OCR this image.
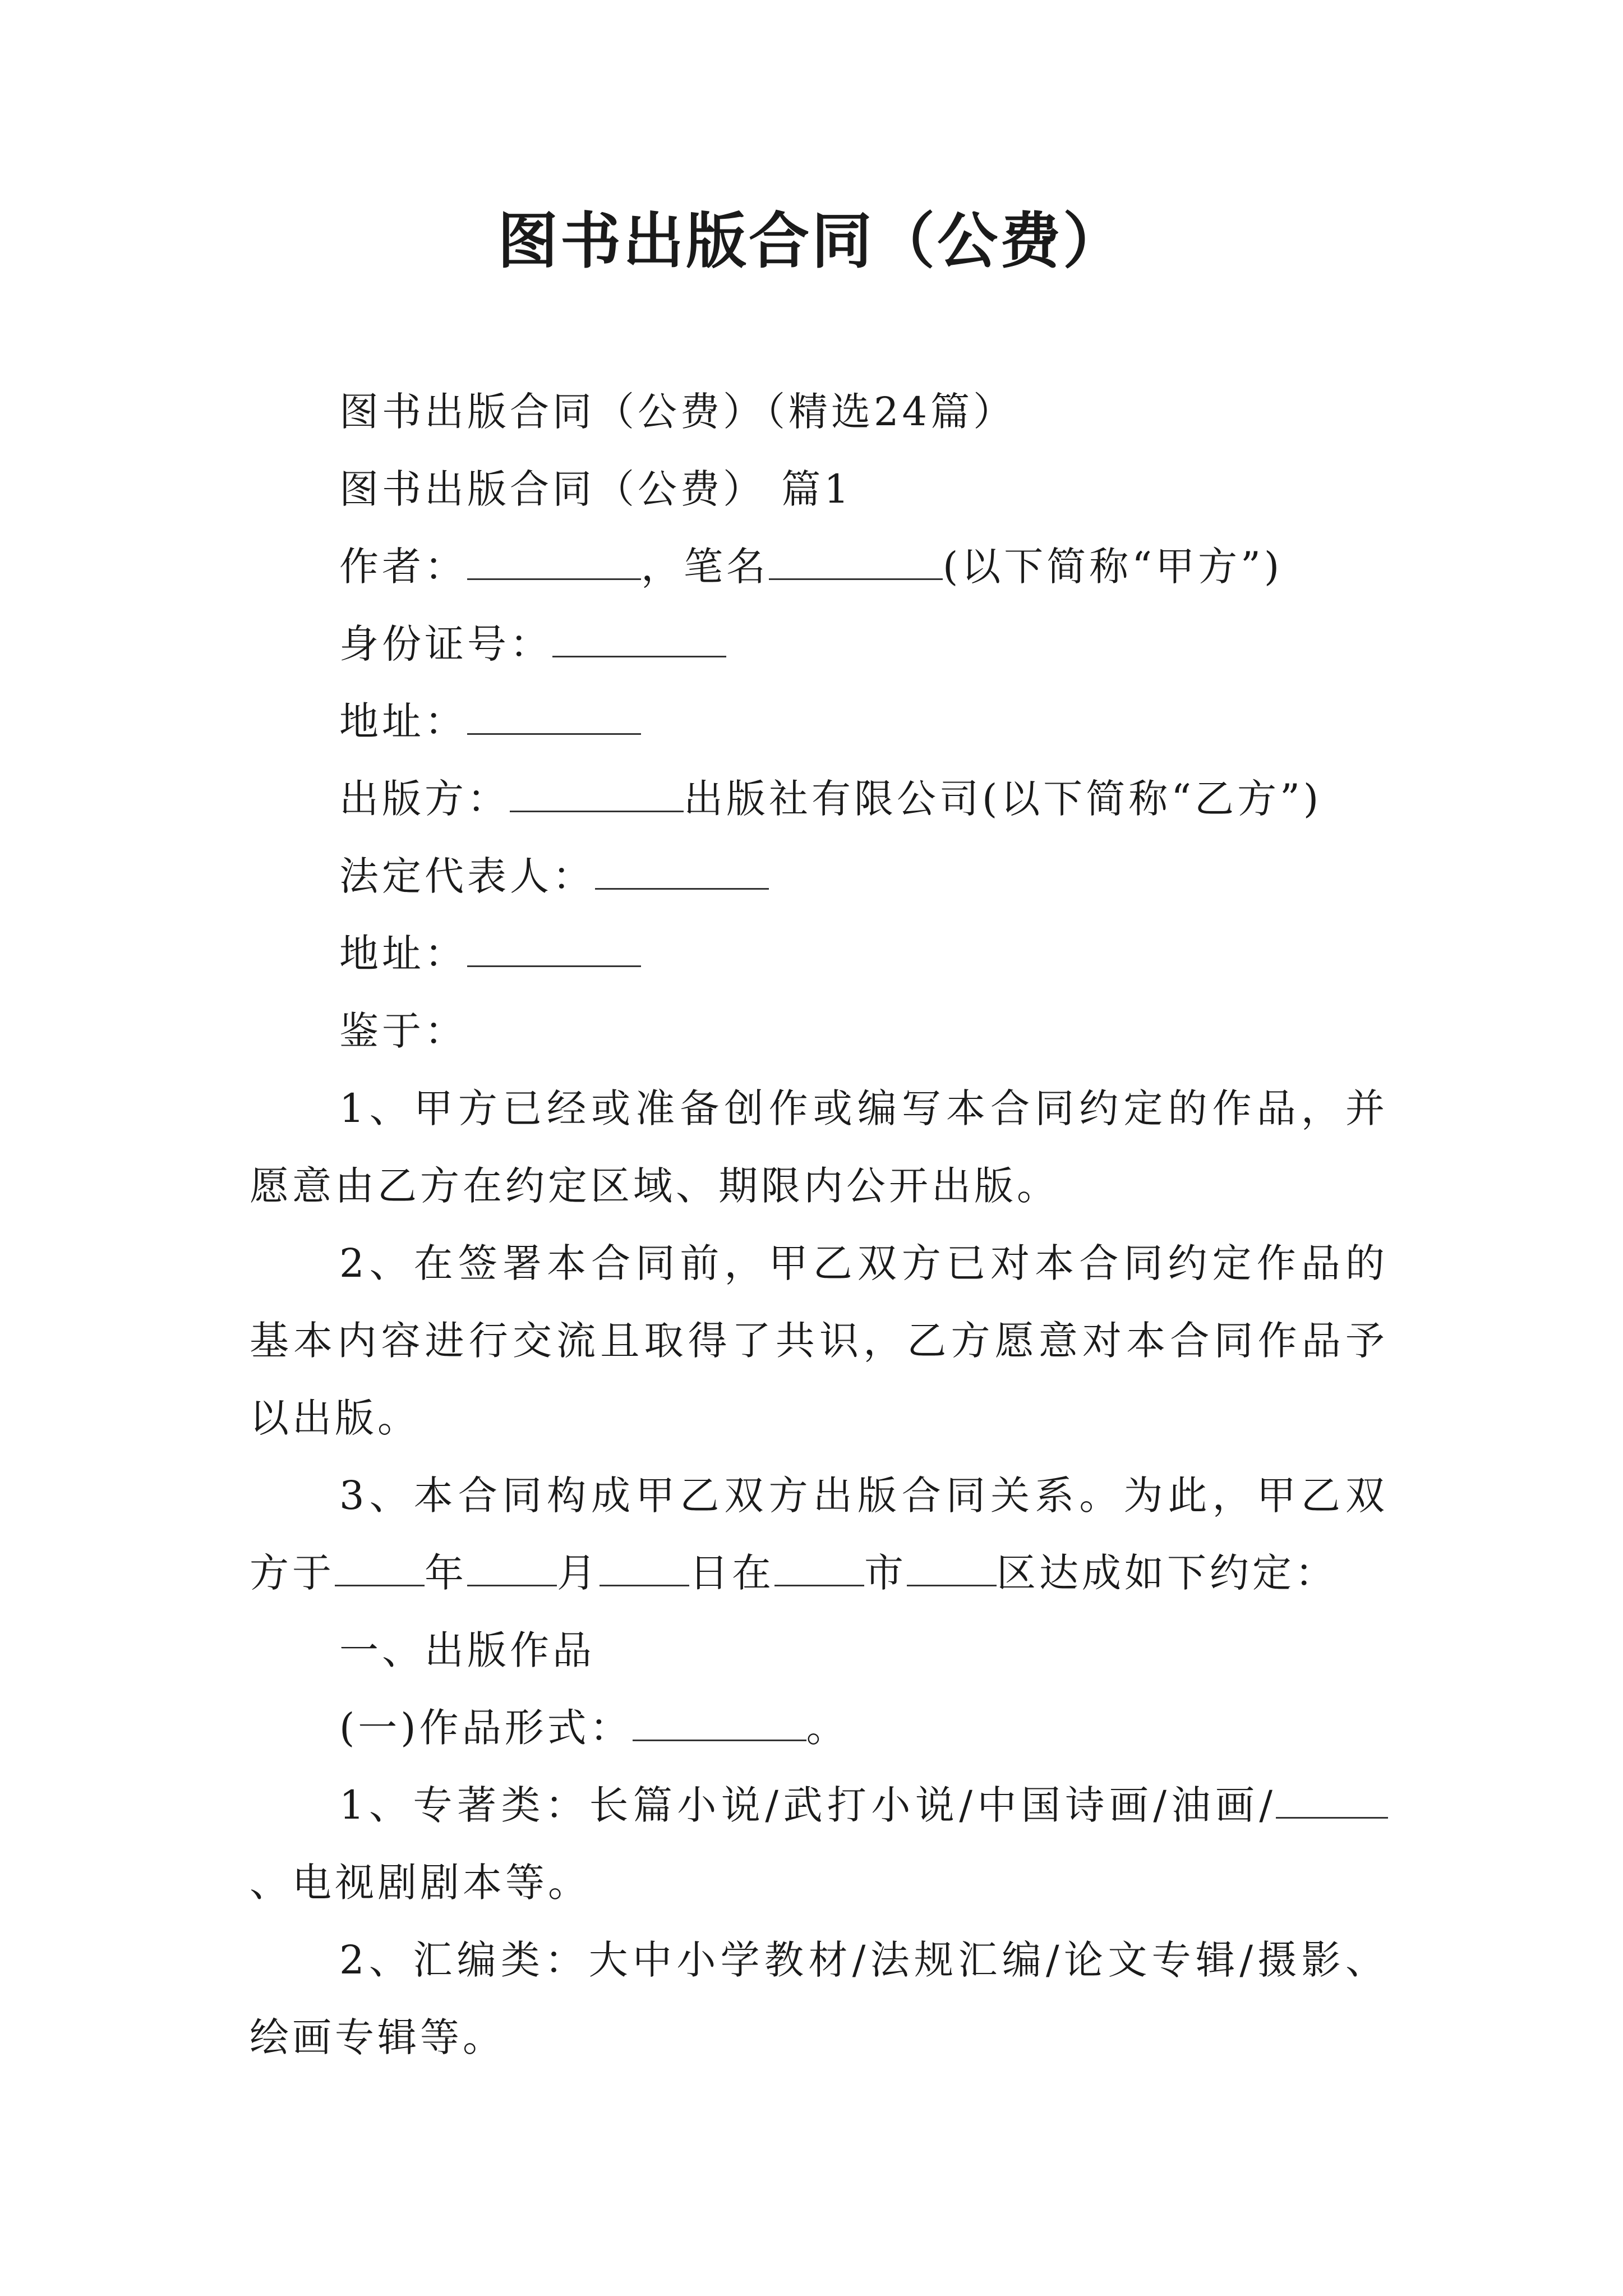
图书出版合同（公费）

图书出版合同（公费）（精选24篇）

图书出版合同（公费） 篇1

作者：	，笔名	(以下简称“甲方”)

身份证号：

地址：

出版方：	出版社有限公司(以下简称“乙方”)

法定代表人：

地址：

鉴于：

1、甲方已经或准备创作或编写本合同约定的作品，并愿意由乙方在约定区域、期限内公开出版。

2、在签署本合同前，甲乙双方已对本合同约定作品的基本内容进行交流且取得了共识，乙方愿意对本合同作品予以出版。

3、本合同构成甲乙双方出版合同关系。为此，甲乙双方于 年 月 日在 市 区达成如下约定：

一、出版作品

(一)作品形式：	。

1、专著类：长篇小说/武打小说/中国诗画/油画/、电视剧剧本等。

2、汇编类：大中小学教材/法规汇编/论文专辑/摄影、绘画专辑等。
